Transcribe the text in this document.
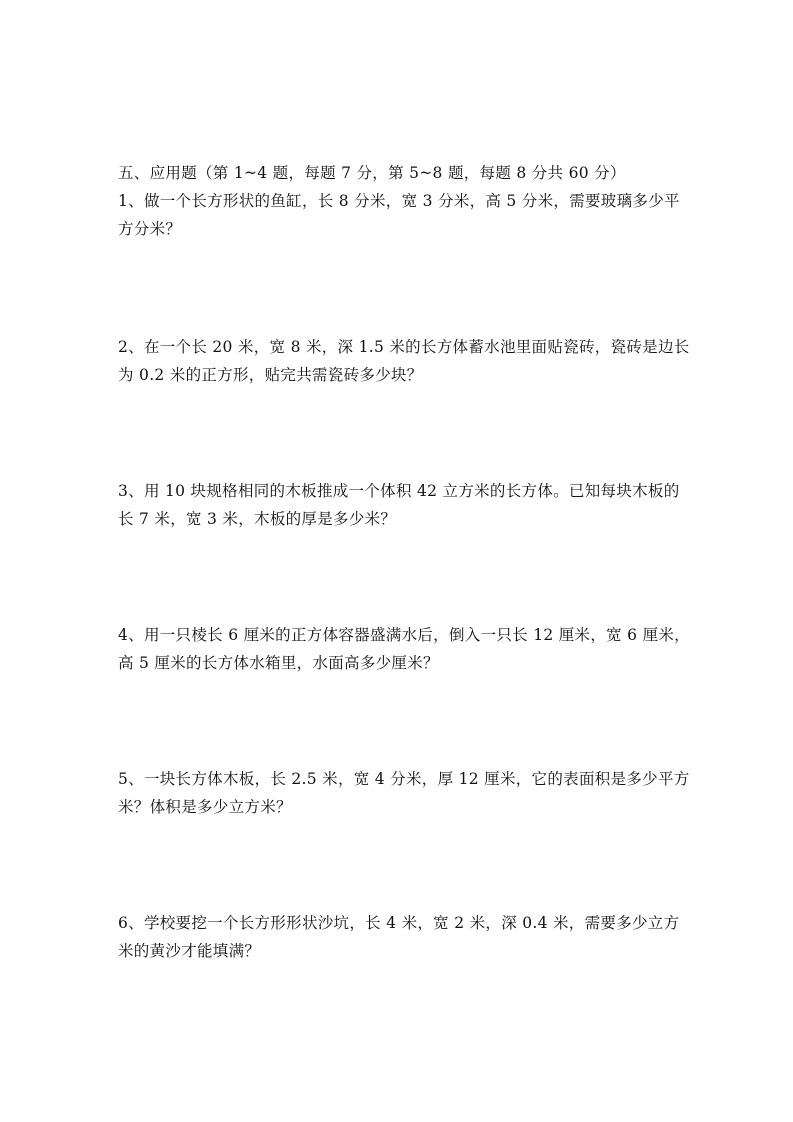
五、应用题（第 1~4 题，每题 7 分，第 5~8 题，每题 8 分共 60 分）
1、做一个长方形状的鱼缸，长 8 分米，宽 3 分米，高 5 分米，需要玻璃多少平
方分米？
2、在一个长 20 米，宽 8 米，深 1.5 米的长方体蓄水池里面贴瓷砖，瓷砖是边长
为 0.2 米的正方形，贴完共需瓷砖多少块？
3、用 10 块规格相同的木板推成一个体积 42 立方米的长方体。已知每块木板的
长 7 米，宽 3 米，木板的厚是多少米？
4、用一只棱长 6 厘米的正方体容器盛满水后，倒入一只长 12 厘米，宽 6 厘米，
高 5 厘米的长方体水箱里，水面高多少厘米？
5、一块长方体木板，长 2.5 米，宽 4 分米，厚 12 厘米，它的表面积是多少平方
米？体积是多少立方米？
6、学校要挖一个长方形形状沙坑，长 4 米，宽 2 米，深 0.4 米，需要多少立方
米的黄沙才能填满？
